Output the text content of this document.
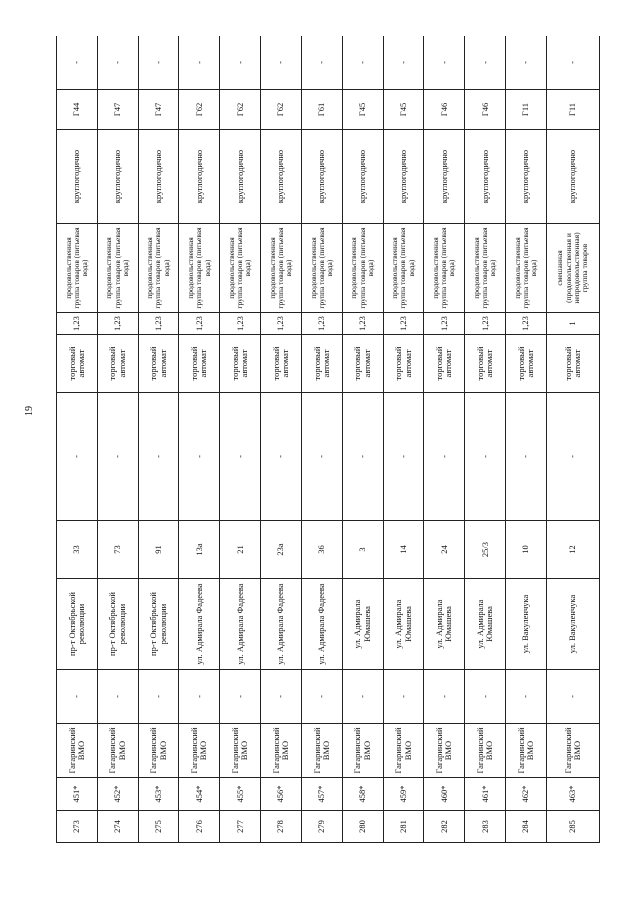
19
273	451*	Гагаринский ВМО	-	пр-т Октябрьской революции	33	-	торговый автомат	1,23	продовольственная группа товаров (питьевая вода)	круглогодично	Г44	-
274	452*	Гагаринский ВМО	-	пр-т Октябрьской революции	73	-	торговый автомат	1,23	продовольственная группа товаров (питьевая вода)	круглогодично	Г47	-
275	453*	Гагаринский ВМО	-	пр-т Октябрьской революции	91	-	торговый автомат	1,23	продовольственная группа товаров (питьевая вода)	круглогодично	Г47	-
276	454*	Гагаринский ВМО	-	ул. Адмирала Фадеева	13а	-	торговый автомат	1,23	продовольственная группа товаров (питьевая вода)	круглогодично	Г62	-
277	455*	Гагаринский ВМО	-	ул. Адмирала Фадеева	21	-	торговый автомат	1,23	продовольственная группа товаров (питьевая вода)	круглогодично	Г62	-
278	456*	Гагаринский ВМО	-	ул. Адмирала Фадеева	23а	-	торговый автомат	1,23	продовольственная группа товаров (питьевая вода)	круглогодично	Г62	-
279	457*	Гагаринский ВМО	-	ул. Адмирала Фадеева	36	-	торговый автомат	1,23	продовольственная группа товаров (питьевая вода)	круглогодично	Г61	-
280	458*	Гагаринский ВМО	-	ул. Адмирала Юмашева	3	-	торговый автомат	1,23	продовольственная группа товаров (питьевая вода)	круглогодично	Г45	-
281	459*	Гагаринский ВМО	-	ул. Адмирала Юмашева	14	-	торговый автомат	1,23	продовольственная группа товаров (питьевая вода)	круглогодично	Г45	-
282	460*	Гагаринский ВМО	-	ул. Адмирала Юмашева	24	-	торговый автомат	1,23	продовольственная группа товаров (питьевая вода)	круглогодично	Г46	-
283	461*	Гагаринский ВМО	-	ул. Адмирала Юмашева	25/3	-	торговый автомат	1,23	продовольственная группа товаров (питьевая вода)	круглогодично	Г46	-
284	462*	Гагаринский ВМО	-	ул. Вакуленчука	10	-	торговый автомат	1,23	продовольственная группа товаров (питьевая вода)	круглогодично	Г11	-
285	463*	Гагаринский ВМО	-	ул. Вакуленчука	12	-	торговый автомат	1	смешанная (продовольственная и непродовольственная) группа товаров	круглогодично	Г11	-
